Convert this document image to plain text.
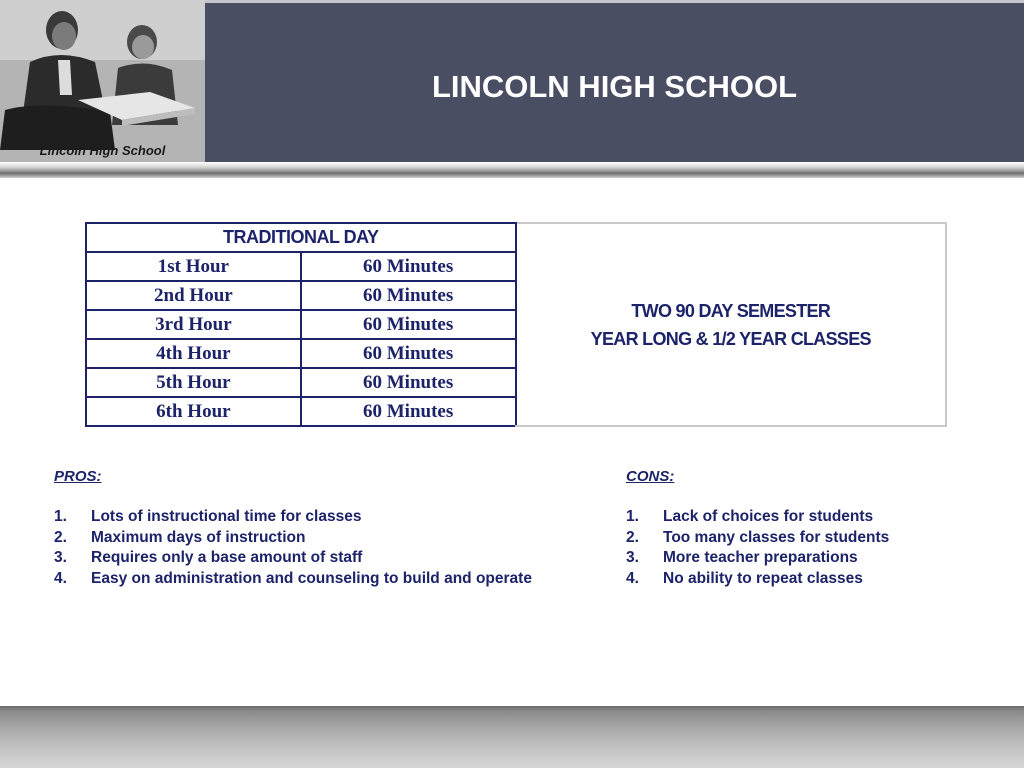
Lincoln High School
LINCOLN HIGH SCHOOL
TRADITIONAL DAY		TWO 90 DAY SEMESTER
YEAR LONG & 1/2 YEAR CLASSES

1st Hour	60 Minutes	
2nd Hour	60 Minutes	
3rd Hour	60 Minutes	
4th Hour	60 Minutes	
5th Hour	60 Minutes	
6th Hour	60 Minutes	
PROS:
1.	Lots of instructional time for classes
2.	Maximum days of instruction
3.	Requires only a base amount of staff
4.	Easy on administration and counseling to build and operate
CONS:
1.	Lack of choices for students
2.	Too many classes for students
3.	More teacher preparations
4.	No ability to repeat classes
